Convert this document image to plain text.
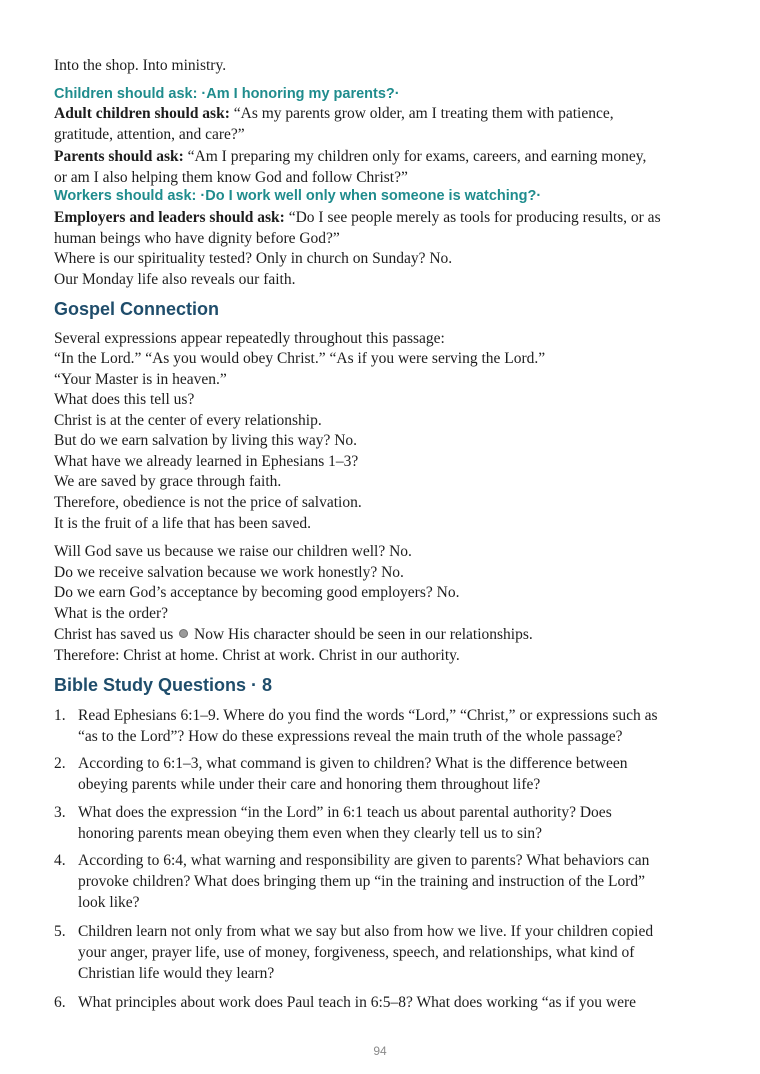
Into the shop. Into ministry.
Children should ask: ·Am I honoring my parents?·
Adult children should ask: “As my parents grow older, am I treating them with patience,
gratitude, attention, and care?”
Parents should ask: “Am I preparing my children only for exams, careers, and earning money,
or am I also helping them know God and follow Christ?”
Workers should ask: ·Do I work well only when someone is watching?·
Employers and leaders should ask: “Do I see people merely as tools for producing results, or as
human beings who have dignity before God?”
Where is our spirituality tested? Only in church on Sunday? No.
Our Monday life also reveals our faith.
Gospel Connection
Several expressions appear repeatedly throughout this passage:
“In the Lord.” “As you would obey Christ.” “As if you were serving the Lord.”
“Your Master is in heaven.”
What does this tell us?
Christ is at the center of every relationship.
But do we earn salvation by living this way? No.
What have we already learned in Ephesians 1–3?
We are saved by grace through faith.
Therefore, obedience is not the price of salvation.
It is the fruit of a life that has been saved.
Will God save us because we raise our children well? No.
Do we receive salvation because we work honestly? No.
Do we earn God’s acceptance by becoming good employers? No.
What is the order?
Christ has saved us  Now His character should be seen in our relationships.
Therefore: Christ at home. Christ at work. Christ in our authority.
Bible Study Questions · 8
1. Read Ephesians 6:1–9. Where do you find the words “Lord,” “Christ,” or expressions such as
“as to the Lord”? How do these expressions reveal the main truth of the whole passage?
2. According to 6:1–3, what command is given to children? What is the difference between
obeying parents while under their care and honoring them throughout life?
3. What does the expression “in the Lord” in 6:1 teach us about parental authority? Does
honoring parents mean obeying them even when they clearly tell us to sin?
4. According to 6:4, what warning and responsibility are given to parents? What behaviors can
provoke children? What does bringing them up “in the training and instruction of the Lord”
look like?
5. Children learn not only from what we say but also from how we live. If your children copied
your anger, prayer life, use of money, forgiveness, speech, and relationships, what kind of
Christian life would they learn?
6. What principles about work does Paul teach in 6:5–8? What does working “as if you were
94
